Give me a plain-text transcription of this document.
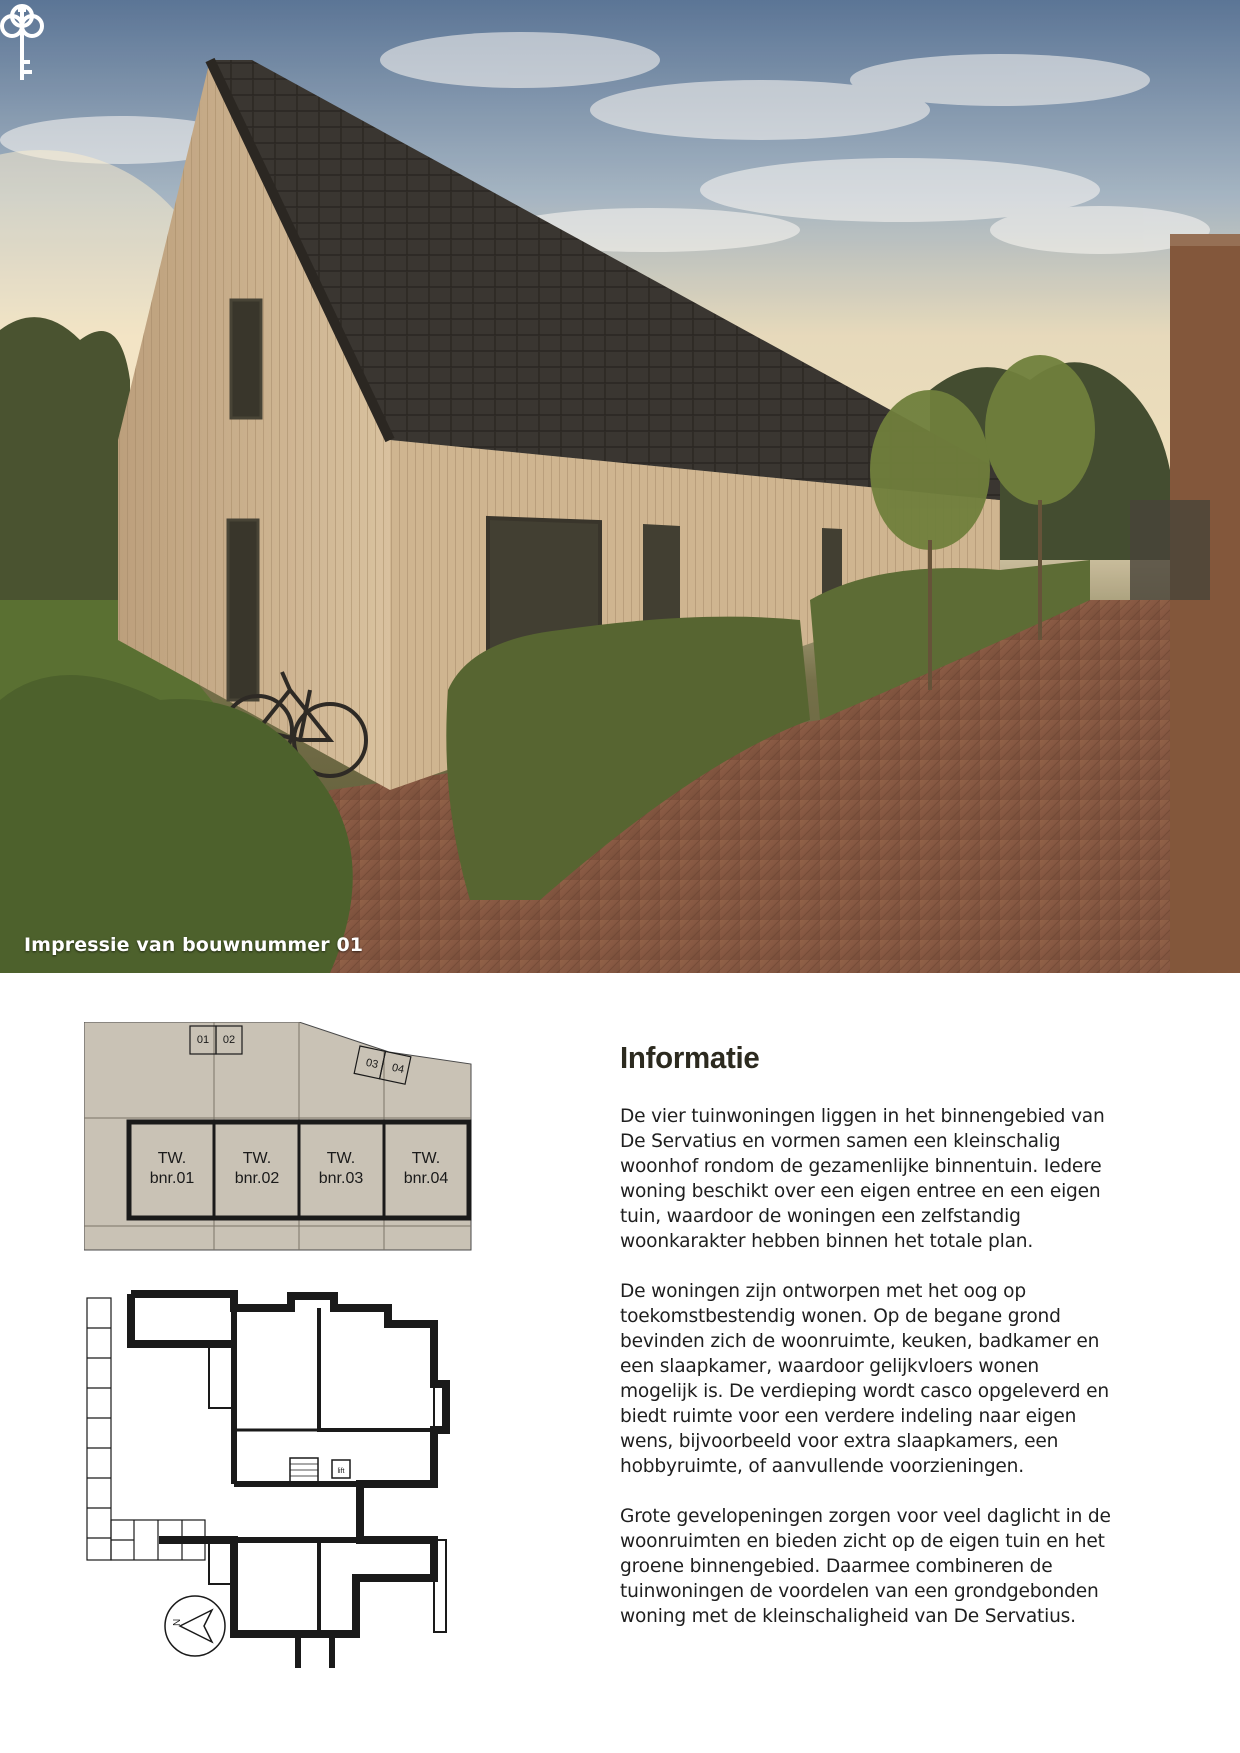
Impressie van bouwnummer 01
01	02
03	04
TW.
bnr.01
TW.
bnr.02
TW.
bnr.03
TW.
bnr.04
lift
N
Informatie

De vier tuinwoningen liggen in het binnengebied van De Servatius en vormen samen een kleinschalig woonhof rondom de gezamenlijke binnentuin. Iedere woning beschikt over een eigen entree en een eigen tuin, waardoor de woningen een zelfstandig woonkarakter hebben binnen het totale plan.

De woningen zijn ontworpen met het oog op toekomstbestendig wonen. Op de begane grond bevinden zich de woonruimte, keuken, badkamer en een slaapkamer, waardoor gelijkvloers wonen mogelijk is. De verdieping wordt casco opgeleverd en biedt ruimte voor een verdere indeling naar eigen wens, bijvoorbeeld voor extra slaapkamers, een hobbyruimte, of aanvullende voorzieningen.

Grote gevelopeningen zorgen voor veel daglicht in de woonruimten en bieden zicht op de eigen tuin en het groene binnengebied. Daarmee combineren de tuinwoningen de voordelen van een grondgebonden woning met de kleinschaligheid van De Servatius.
